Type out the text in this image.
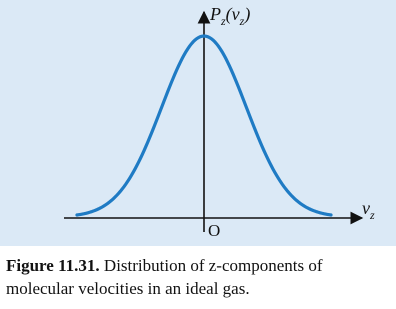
$P_z(v_z)$
$v_z$
O
Figure 11.31. Distribution of z-components of molecular velocities in an ideal gas.
